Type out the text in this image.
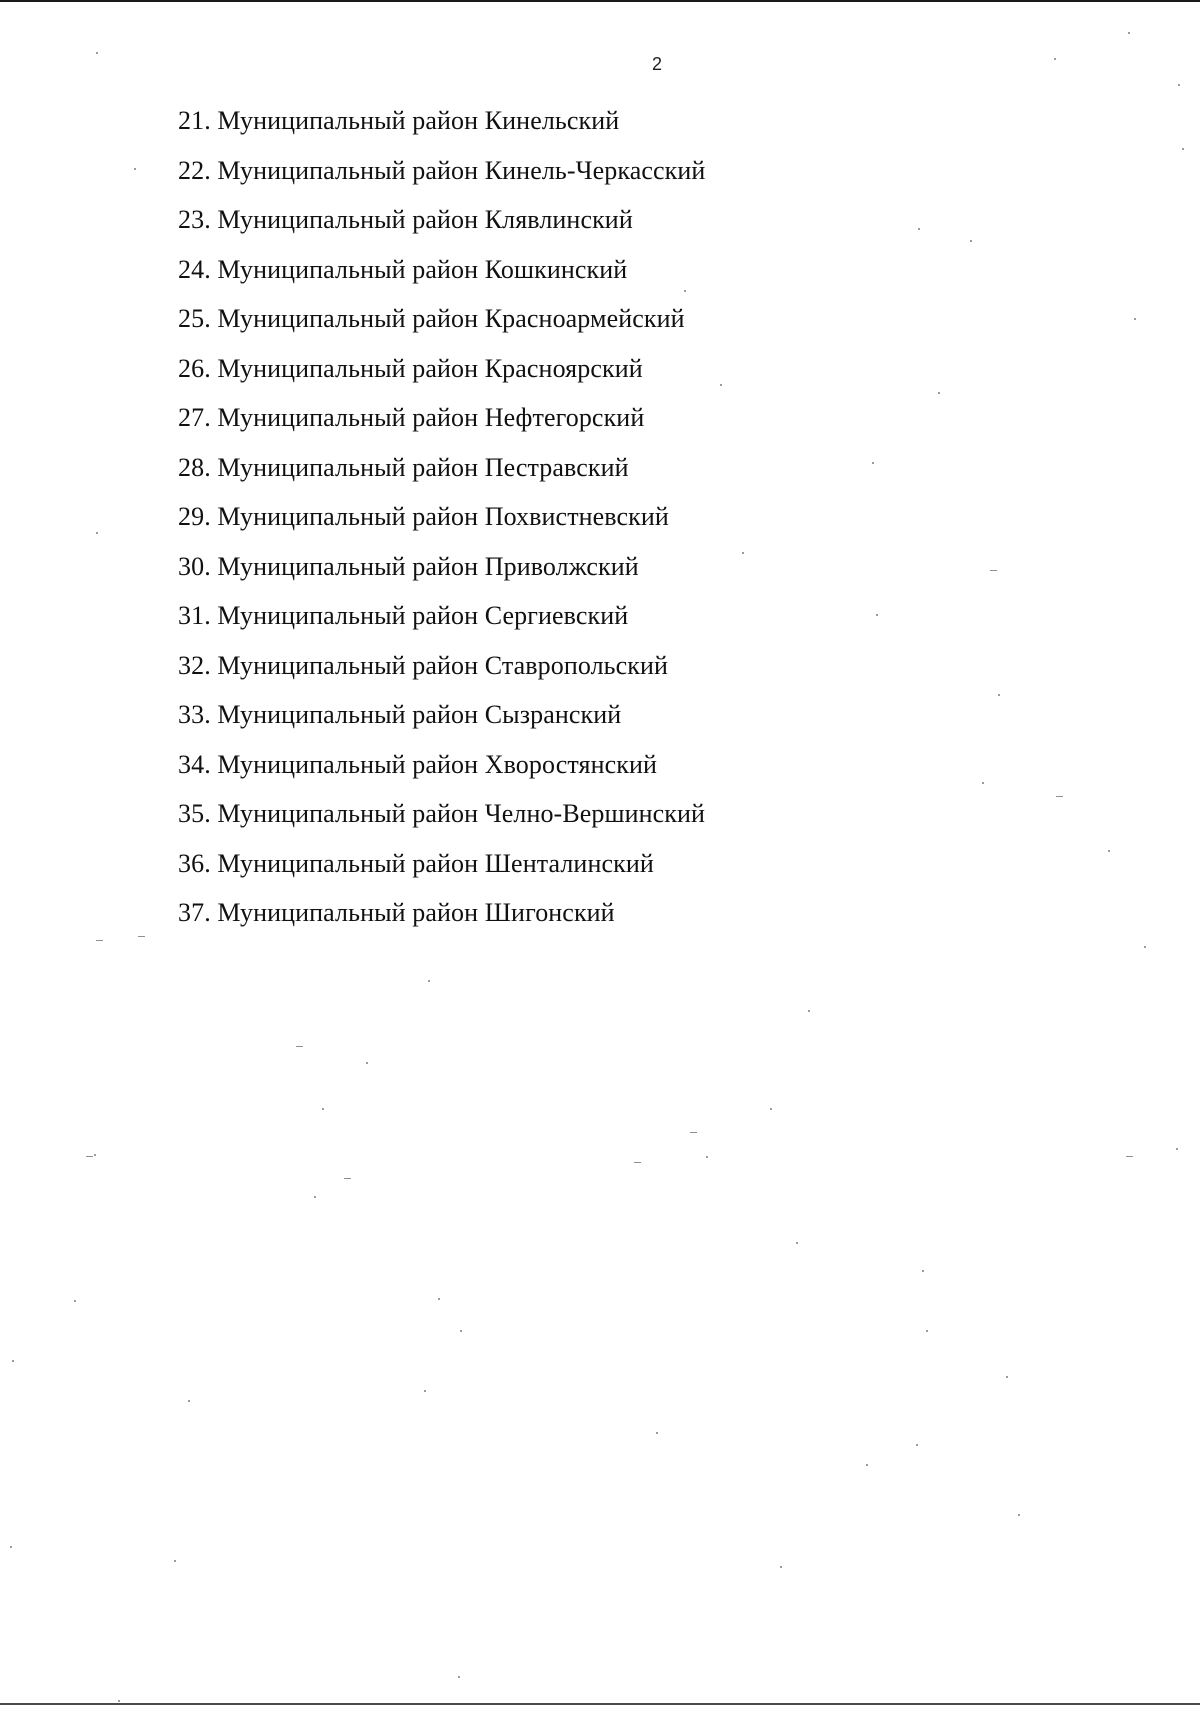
2
21. Муниципальный район Кинельский
22. Муниципальный район Кинель-Черкасский
23. Муниципальный район Клявлинский
24. Муниципальный район Кошкинский
25. Муниципальный район Красноармейский
26. Муниципальный район Красноярский
27. Муниципальный район Нефтегорский
28. Муниципальный район Пестравский
29. Муниципальный район Похвистневский
30. Муниципальный район Приволжский
31. Муниципальный район Сергиевский
32. Муниципальный район Ставропольский
33. Муниципальный район Сызранский
34. Муниципальный район Хворостянский
35. Муниципальный район Челно-Вершинский
36. Муниципальный район Шенталинский
37. Муниципальный район Шигонский
